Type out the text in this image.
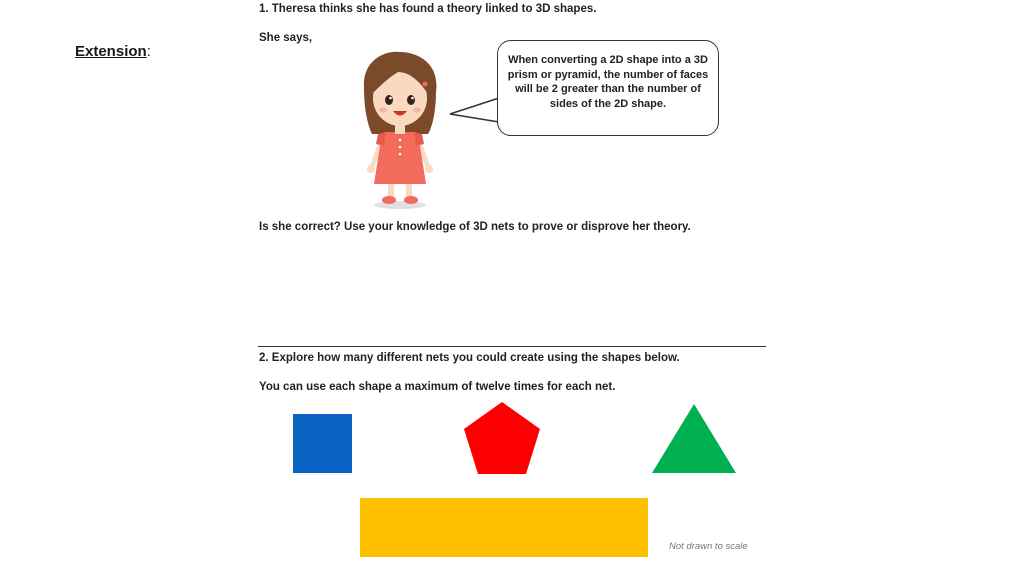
Extension:
1. Theresa thinks she has found a theory linked to 3D shapes.
She says,
When converting a 2D shape into a 3D prism or pyramid, the number of faces will be 2 greater than the number of sides of the 2D shape.
Is she correct? Use your knowledge of 3D nets to prove or disprove her theory.
2. Explore how many different nets you could create using the shapes below.
You can use each shape a maximum of twelve times for each net.
Not drawn to scale
